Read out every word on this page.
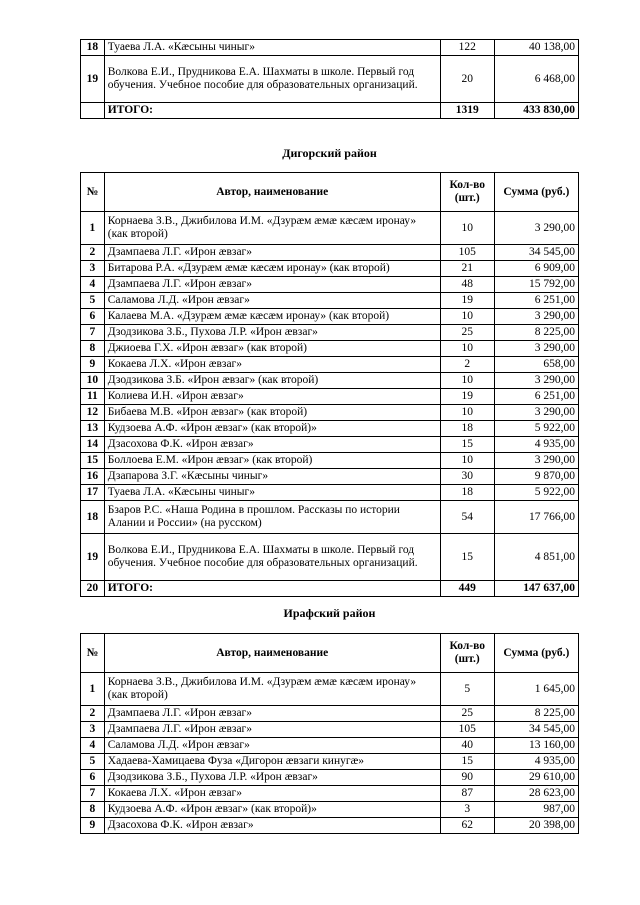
18	Туаева Л.А. «Кæсыны чиныг»	122	40 138,00
19	Волкова Е.И., Прудникова Е.А. Шахматы в школе. Первый год обучения. Учебное пособие для образовательных организаций.	20	6 468,00
	ИТОГО:	1319	433 830,00
Дигорский район
№	Автор, наименование	Кол-во (шт.)	Сумма (руб.)
1	Корнаева З.В., Джибилова И.М. «Дзурæм æмæ кæсæм иронау» (как второй)	10	3 290,00
2	Дзампаева Л.Г. «Ирон æвзаг»	105	34 545,00
3	Битарова Р.А. «Дзурæм æмæ кæсæм иронау» (как второй)	21	6 909,00
4	Дзампаева Л.Г. «Ирон æвзаг»	48	15 792,00
5	Саламова Л.Д. «Ирон æвзаг»	19	6 251,00
6	Калаева М.А. «Дзурæм æмæ кæсæм иронау» (как второй)	10	3 290,00
7	Дзодзикова З.Б., Пухова Л.Р. «Ирон æвзаг»	25	8 225,00
8	Джиоева Г.Х. «Ирон æвзаг» (как второй)	10	3 290,00
9	Кокаева Л.Х. «Ирон æвзаг»	2	658,00
10	Дзодзикова З.Б. «Ирон æвзаг» (как второй)	10	3 290,00
11	Колиева И.Н. «Ирон æвзаг»	19	6 251,00
12	Бибаева М.В. «Ирон æвзаг» (как второй)	10	3 290,00
13	Кудзоева А.Ф. «Ирон æвзаг» (как второй)»	18	5 922,00
14	Дзасохова Ф.К. «Ирон æвзаг»	15	4 935,00
15	Боллоева Е.М. «Ирон æвзаг» (как второй)	10	3 290,00
16	Дзапарова З.Г. «Кæсыны чиныг»	30	9 870,00
17	Туаева Л.А. «Кæсыны чиныг»	18	5 922,00
18	Бзаров Р.С. «Наша Родина в прошлом. Рассказы по истории Алании и России» (на русском)	54	17 766,00
19	Волкова Е.И., Прудникова Е.А. Шахматы в школе. Первый год обучения. Учебное пособие для образовательных организаций.	15	4 851,00
20	ИТОГО:	449	147 637,00
Ирафский район
№	Автор, наименование	Кол-во (шт.)	Сумма (руб.)
1	Корнаева З.В., Джибилова И.М. «Дзурæм æмæ кæсæм иронау» (как второй)	5	1 645,00
2	Дзампаева Л.Г. «Ирон æвзаг»	25	8 225,00
3	Дзампаева Л.Г. «Ирон æвзаг»	105	34 545,00
4	Саламова Л.Д. «Ирон æвзаг»	40	13 160,00
5	Хадаева-Хамицаева Фуза «Дигорон æвзаги кинугæ»	15	4 935,00
6	Дзодзикова З.Б., Пухова Л.Р. «Ирон æвзаг»	90	29 610,00
7	Кокаева Л.Х. «Ирон æвзаг»	87	28 623,00
8	Кудзоева А.Ф. «Ирон æвзаг» (как второй)»	3	987,00
9	Дзасохова Ф.К. «Ирон æвзаг»	62	20 398,00
